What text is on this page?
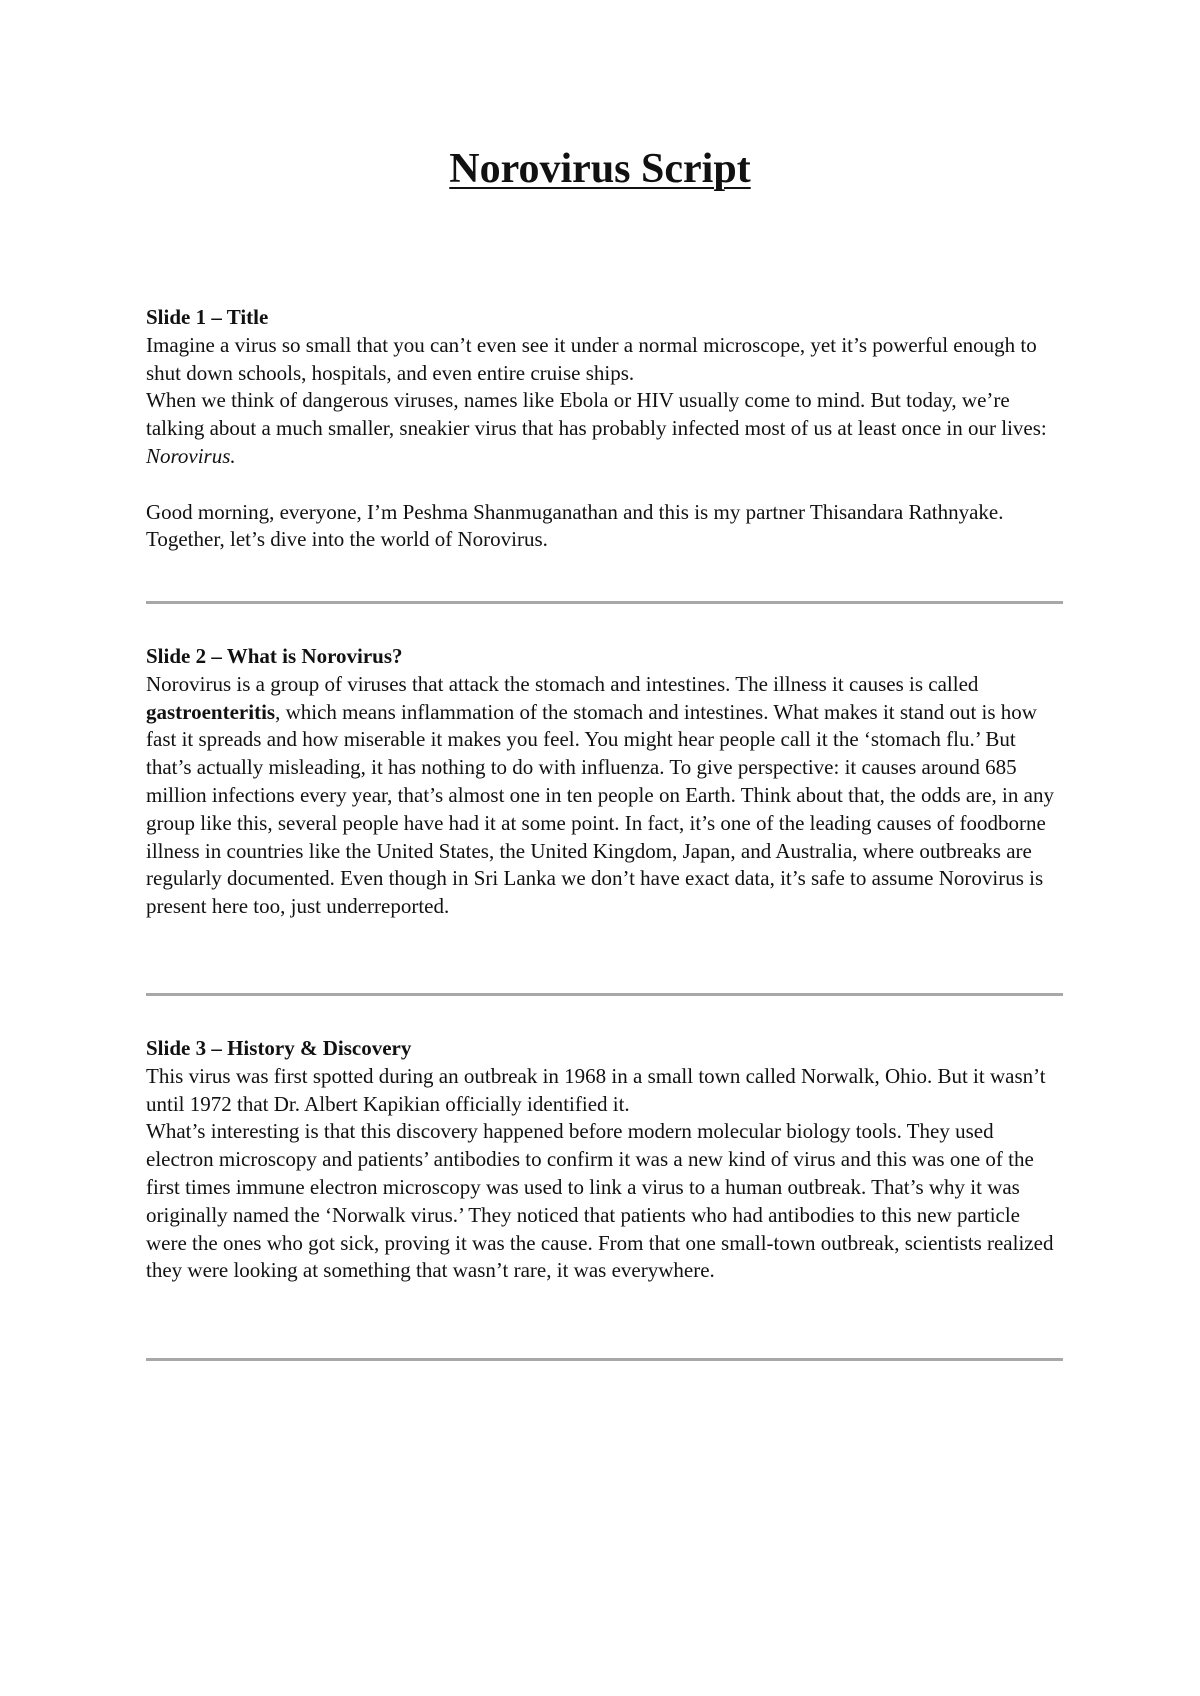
Norovirus Script

Slide 1 – Title

Imagine a virus so small that you can’t even see it under a normal microscope, yet it’s powerful enough to shut down schools, hospitals, and even entire cruise ships.

When we think of dangerous viruses, names like Ebola or HIV usually come to mind. But today, we’re talking about a much smaller, sneakier virus that has probably infected most of us at least once in our lives: Norovirus.

Good morning, everyone, I’m Peshma Shanmuganathan and this is my partner Thisandara Rathnyake. Together, let’s dive into the world of Norovirus.

Slide 2 – What is Norovirus?

Norovirus is a group of viruses that attack the stomach and intestines. The illness it causes is called gastroenteritis, which means inflammation of the stomach and intestines. What makes it stand out is how fast it spreads and how miserable it makes you feel. You might hear people call it the ‘stomach flu.’ But that’s actually misleading, it has nothing to do with influenza. To give perspective: it causes around 685 million infections every year, that’s almost one in ten people on Earth. Think about that, the odds are, in any group like this, several people have had it at some point. In fact, it’s one of the leading causes of foodborne illness in countries like the United States, the United Kingdom, Japan, and Australia, where outbreaks are regularly documented. Even though in Sri Lanka we don’t have exact data, it’s safe to assume Norovirus is present here too, just underreported.

Slide 3 – History & Discovery

This virus was first spotted during an outbreak in 1968 in a small town called Norwalk, Ohio. But it wasn’t until 1972 that Dr. Albert Kapikian officially identified it.

What’s interesting is that this discovery happened before modern molecular biology tools. They used electron microscopy and patients’ antibodies to confirm it was a new kind of virus and this was one of the first times immune electron microscopy was used to link a virus to a human outbreak. That’s why it was originally named the ‘Norwalk virus.’ They noticed that patients who had antibodies to this new particle were the ones who got sick, proving it was the cause. From that one small-town outbreak, scientists realized they were looking at something that wasn’t rare, it was everywhere.
